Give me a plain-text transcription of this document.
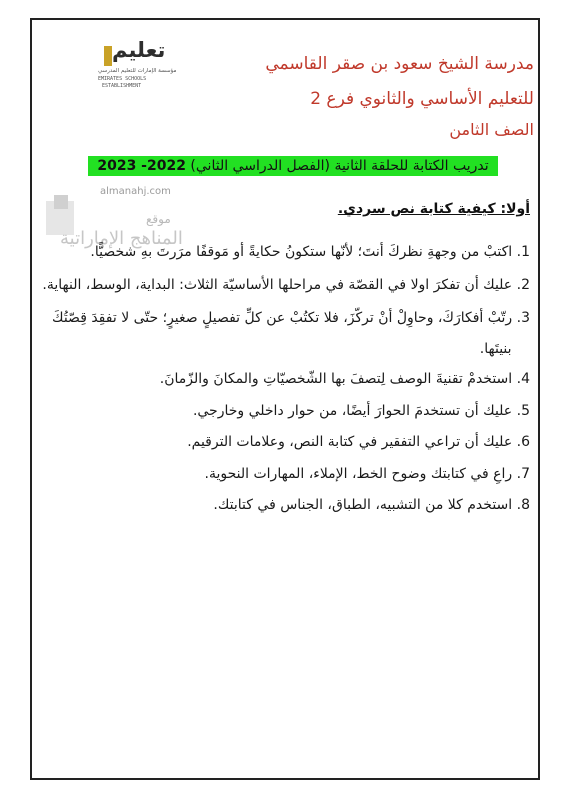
تعليم
مؤسسة الإمارات للتعليم المدرسي
EMIRATES SCHOOLS
ESTABLISHMENT
مدرسة الشيخ سعود بن صقر القاسمي
للتعليم الأساسي والثانوي فرع 2
الصف الثامن
تدريب الكتابة للحلقة الثانية (الفصل الدراسي الثاني) 2022- 2023
almanahj.com
موقع
المناهج الإماراتية
أولا: كيفية كتابة نص سردي.
1. اكتبْ من وجهةِ نظركَ أنتَ؛ لأنّها ستكونُ حكايةً أو مَوقفًا مرَرتَ بهِ شخصيًّا.
2. عليك أن تفكرَ اولا في القصّة في مراحلها الأساسيّة الثلاث: البداية، الوسط، النهاية.
3. رتّبْ أفكارَكَ، وحاوِلْ أنْ تركّزَ، فلا تكتُبْ عن كلِّ تفصيلٍ صغيرٍ؛ حتّى لا تفقِدَ قِصّتُكَ
بنيتَها.
4. استخدمْ تقنيةَ الوصف لِتصفَ بها الشّخصيّاتِ والمكانَ والزّمانَ.
5. عليك أن تستخدمَ الحوارَ أيضًا، من حوار داخلي وخارجي.
6. عليك أن تراعي التفقير في كتابة النص، وعلامات الترقيم.
7. راعِ في كتابتك وضوح الخط، الإملاء، المهارات النحوية.
8. استخدم كلا من التشبيه، الطباق، الجناس في كتابتك.
